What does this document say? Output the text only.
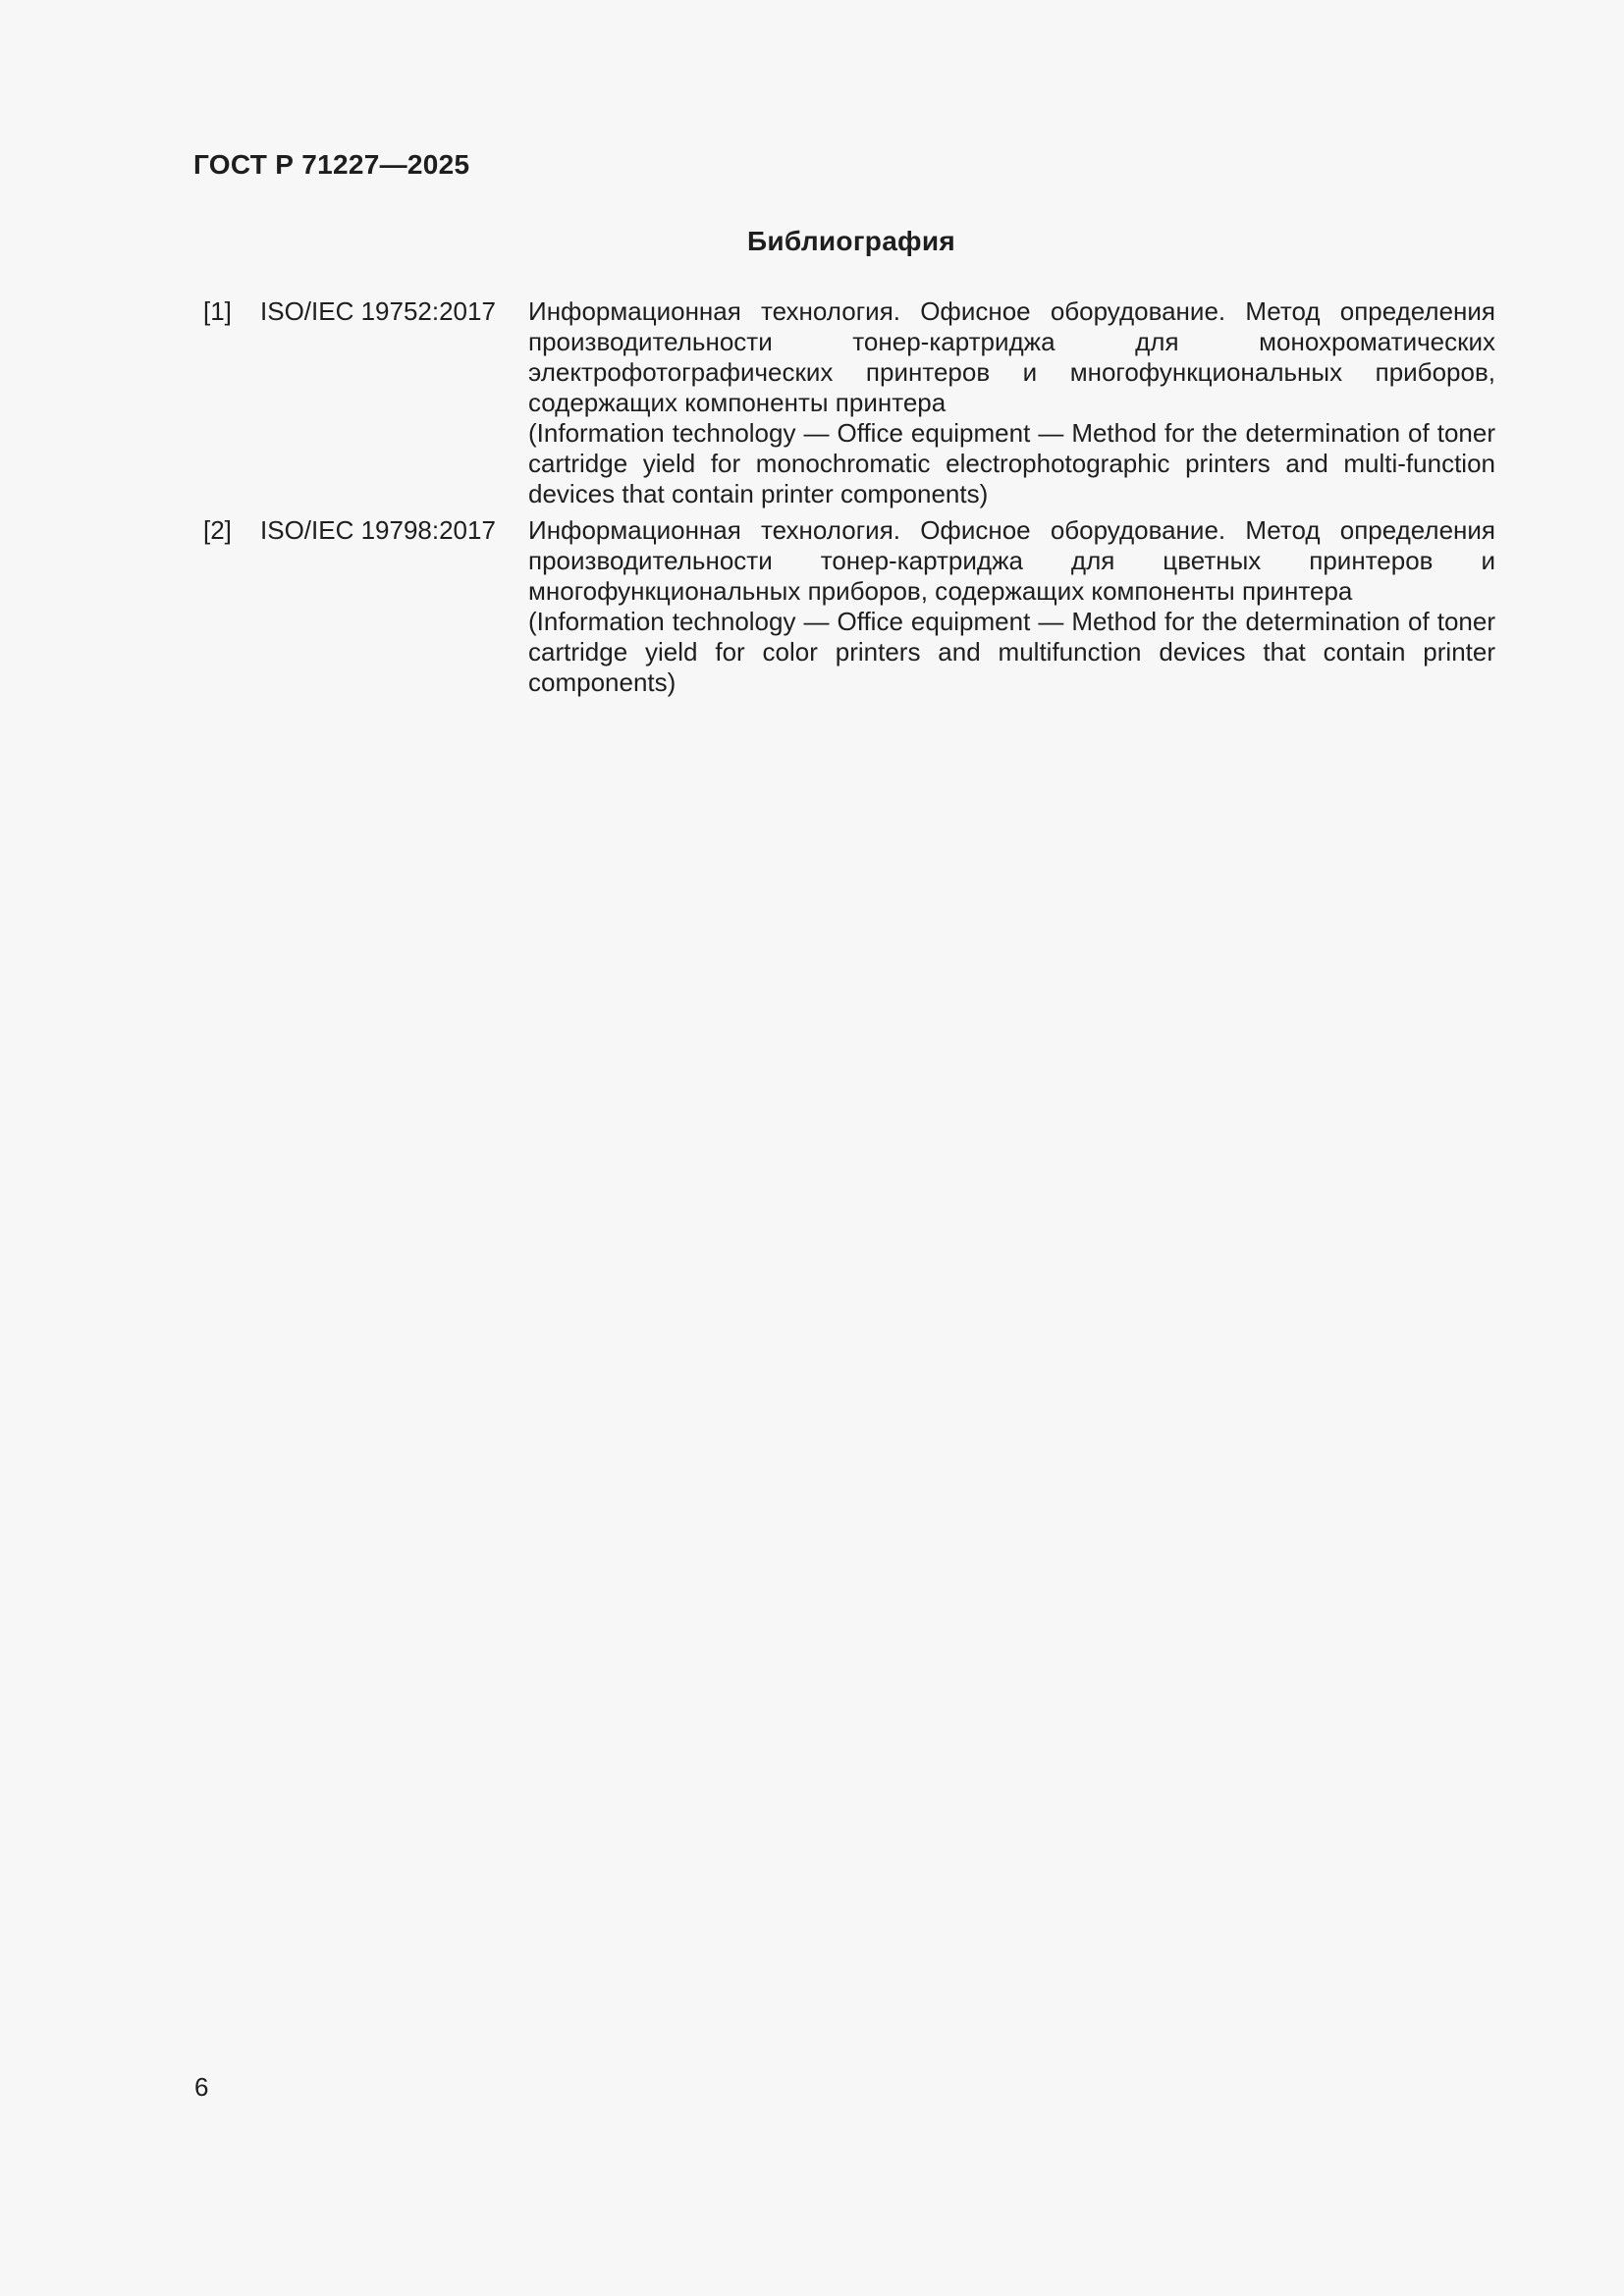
ГОСТ Р 71227—2025
Библиография
[1] ISO/IEC 19752:2017 Информационная технология. Офисное оборудование. Метод определения производительности тонер-картриджа для монохроматических электрофотографических принтеров и многофункциональных приборов, содержащих компоненты принтера
(Information technology — Office equipment — Method for the determination of toner cartridge yield for monochromatic electrophotographic printers and multi-function devices that contain printer components)

[2] ISO/IEC 19798:2017 Информационная технология. Офисное оборудование. Метод определения производительности тонер-картриджа для цветных принтеров и многофункциональных приборов, содержащих компоненты принтера
(Information technology — Office equipment — Method for the determination of toner cartridge yield for color printers and multifunction devices that contain printer components)

6
